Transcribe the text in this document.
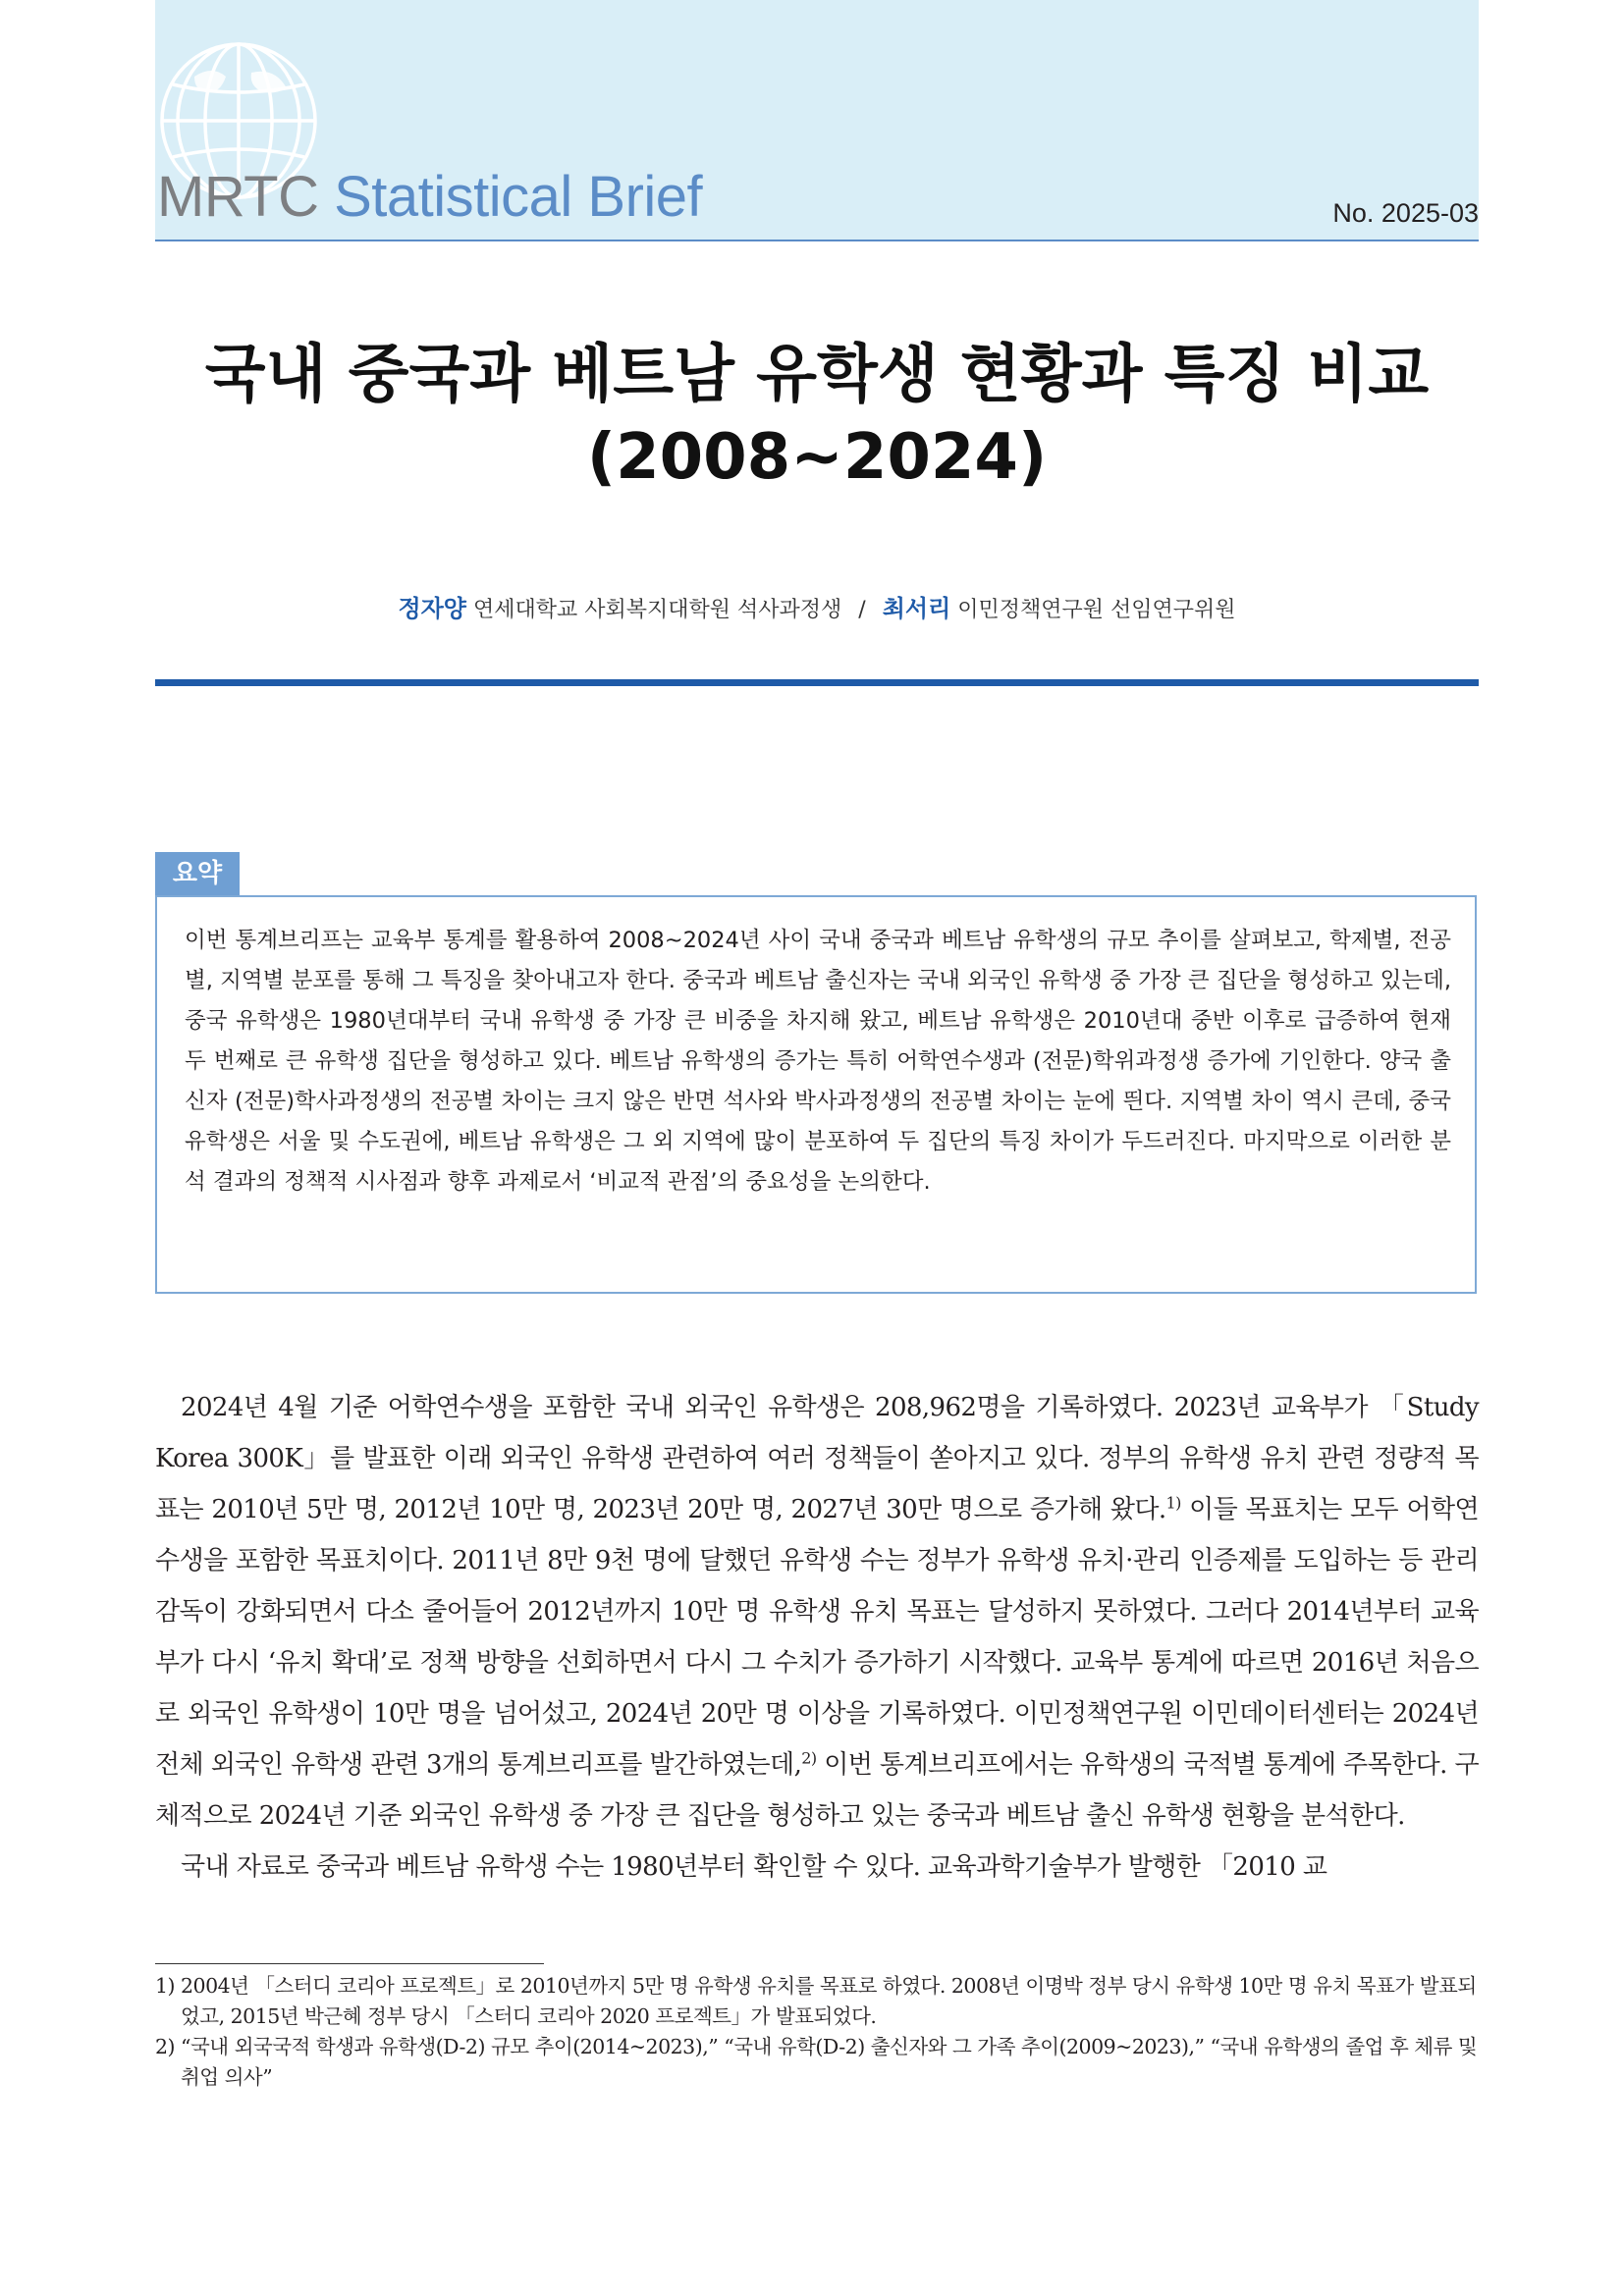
MRTC Statistical Brief	No. 2025-03
국내 중국과 베트남 유학생 현황과 특징 비교
(2008~2024)
정자양 연세대학교 사회복지대학원 석사과정생 / 최서리 이민정책연구원 선임연구위원
요약

이번 통계브리프는 교육부 통계를 활용하여 2008~2024년 사이 국내 중국과 베트남 유학생의 규모 추이를 살펴보고, 학제별, 전공별, 지역별 분포를 통해 그 특징을 찾아내고자 한다. 중국과 베트남 출신자는 국내 외국인 유학생 중 가장 큰 집단을 형성하고 있는데, 중국 유학생은 1980년대부터 국내 유학생 중 가장 큰 비중을 차지해 왔고, 베트남 유학생은 2010년대 중반 이후로 급증하여 현재 두 번째로 큰 유학생 집단을 형성하고 있다. 베트남 유학생의 증가는 특히 어학연수생과 (전문)학위과정생 증가에 기인한다. 양국 출신자 (전문)학사과정생의 전공별 차이는 크지 않은 반면 석사와 박사과정생의 전공별 차이는 눈에 띈다. 지역별 차이 역시 큰데, 중국 유학생은 서울 및 수도권에, 베트남 유학생은 그 외 지역에 많이 분포하여 두 집단의 특징 차이가 두드러진다. 마지막으로 이러한 분석 결과의 정책적 시사점과 향후 과제로서 ‘비교적 관점’의 중요성을 논의한다.

2024년 4월 기준 어학연수생을 포함한 국내 외국인 유학생은 208,962명을 기록하였다. 2023년 교육부가 「Study Korea 300K」를 발표한 이래 외국인 유학생 관련하여 여러 정책들이 쏟아지고 있다. 정부의 유학생 유치 관련 정량적 목표는 2010년 5만 명, 2012년 10만 명, 2023년 20만 명, 2027년 30만 명으로 증가해 왔다.$^{1)}$ 이들 목표치는 모두 어학연수생을 포함한 목표치이다. 2011년 8만 9천 명에 달했던 유학생 수는 정부가 유학생 유치·관리 인증제를 도입하는 등 관리 감독이 강화되면서 다소 줄어들어 2012년까지 10만 명 유학생 유치 목표는 달성하지 못하였다. 그러다 2014년부터 교육부가 다시 ‘유치 확대’로 정책 방향을 선회하면서 다시 그 수치가 증가하기 시작했다. 교육부 통계에 따르면 2016년 처음으로 외국인 유학생이 10만 명을 넘어섰고, 2024년 20만 명 이상을 기록하였다. 이민정책연구원 이민데이터센터는 2024년 전체 외국인 유학생 관련 3개의 통계브리프를 발간하였는데,$^{2)}$ 이번 통계브리프에서는 유학생의 국적별 통계에 주목한다. 구체적으로 2024년 기준 외국인 유학생 중 가장 큰 집단을 형성하고 있는 중국과 베트남 출신 유학생 현황을 분석한다.
국내 자료로 중국과 베트남 유학생 수는 1980년부터 확인할 수 있다. 교육과학기술부가 발행한 「2010 교

1) 2004년 「스터디 코리아 프로젝트」로 2010년까지 5만 명 유학생 유치를 목표로 하였다. 2008년 이명박 정부 당시 유학생 10만 명 유치 목표가 발표되었고, 2015년 박근혜 정부 당시 「스터디 코리아 2020 프로젝트」가 발표되었다.
2) “국내 외국국적 학생과 유학생(D-2) 규모 추이(2014~2023),” “국내 유학(D-2) 출신자와 그 가족 추이(2009~2023),” “국내 유학생의 졸업 후 체류 및 취업 의사”
